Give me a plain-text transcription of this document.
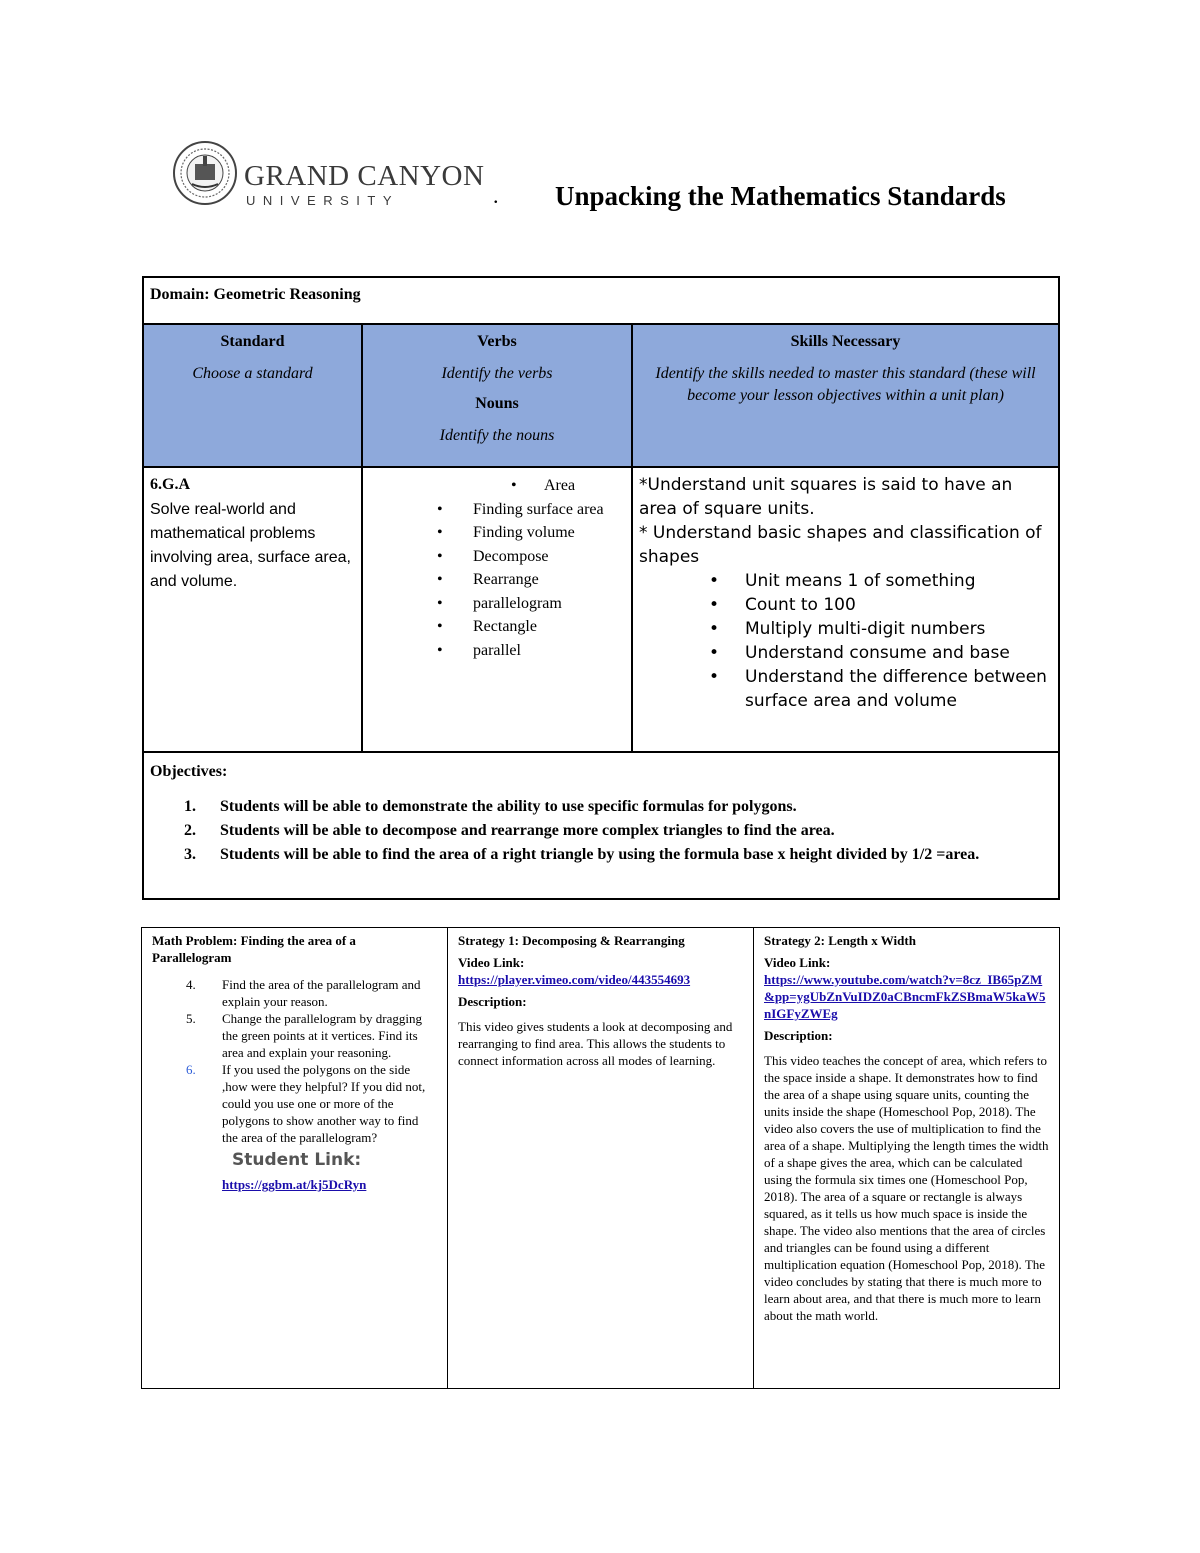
GRAND CANYON
UNIVERSITY	. Unpacking the Mathematics Standards
Domain: Geometric Reasoning
Standard
Choose a standard
Verbs
Identify the verbs
Nouns
Identify the nouns
Skills Necessary
Identify the skills needed to master this standard (these will become your lesson objectives within a unit plan)
6.G.A
Solve real-world and mathematical problems involving area, surface area, and volume.
• Area
• Finding surface area
• Finding volume
• Decompose
• Rearrange
• parallelogram
• Rectangle
• parallel
*Understand unit squares is said to have an area of square units.
* Understand basic shapes and classification of shapes
• Unit means 1 of something
• Count to 100
• Multiply multi-digit numbers
• Understand consume and base
• Understand the difference between surface area and volume
Objectives:
1. Students will be able to demonstrate the ability to use specific formulas for polygons.
2. Students will be able to decompose and rearrange more complex triangles to find the area.
3. Students will be able to find the area of a right triangle by using the formula base x height divided by 1/2 =area.
Math Problem: Finding the area of a Parallelogram
4. Find the area of the parallelogram and explain your reason.
5. Change the parallelogram by dragging the green points at it vertices. Find its area and explain your reasoning.
6. If you used the polygons on the side ,how were they helpful? If you did not, could you use one or more of the polygons to show another way to find the area of the parallelogram?
Student Link:
https://ggbm.at/kj5DcRyn
Strategy 1: Decomposing & Rearranging
Video Link:
https://player.vimeo.com/video/443554693
Description:

This video gives students a look at decomposing and rearranging to find area. This allows the students to connect information across all modes of learning.

Strategy 2: Length x Width
Video Link:
https://www.youtube.com/watch?v=8cz_IB65pZM&pp=ygUbZnVuIDZ0aCBncmFkZSBmaW5kaW5nIGFyZWEg
Description:

This video teaches the concept of area, which refers to the space inside a shape. It demonstrates how to find the area of a shape using square units, counting the units inside the shape (Homeschool Pop, 2018). The video also covers the use of multiplication to find the area of a shape. Multiplying the length times the width of a shape gives the area, which can be calculated using the formula six times one (Homeschool Pop, 2018). The area of a square or rectangle is always squared, as it tells us how much space is inside the shape. The video also mentions that the area of circles and triangles can be found using a different multiplication equation (Homeschool Pop, 2018). The video concludes by stating that there is much more to learn about area, and that there is much more to learn about the math world.
